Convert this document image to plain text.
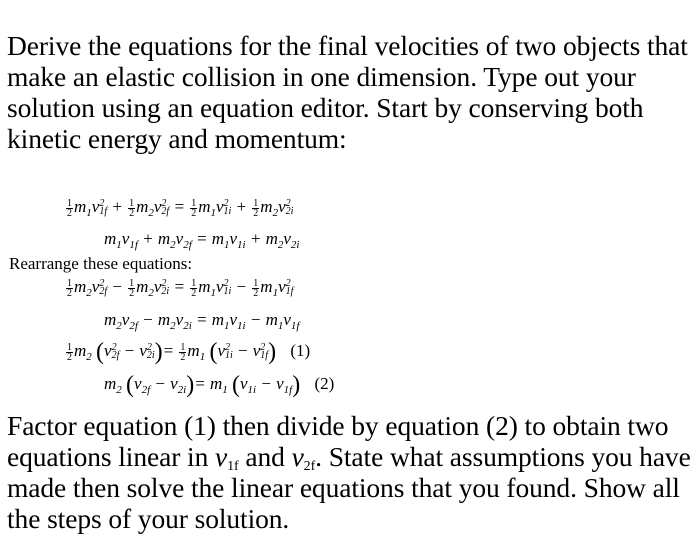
Derive the equations for the final velocities of two objects that make an elastic collision in one dimension. Type out your solution using an equation editor. Start by conserving both kinetic energy and momentum:
$\frac{1}{2} m_1v$ 2
$1f + \frac{1}{2} m_2v$ 2
$2f = \frac{1}{2} m_1v$ 2
$1i + \frac{1}{2} m_2v$ 2
2i
$m_1v_{1f} + m_2v_{2f} = m_1v_{1i} + m_2v_{2i}$
Rearrange these equations:
$\frac{1}{2} m_2v$ 2
$2f - \frac{1}{2} m_2v$ 2
$2i = \frac{1}{2} m_1v$ 2
$1i - \frac{1}{2} m_1v$ 2
1f
$m_2v_{2f} - m_2v_{2i} = m_1v_{1i} - m_1v_{1f}$
$\frac{1}{2} m_2$ (v 2
2f − v 2
2i )= $\frac{1}{2} m_1$ (v 2
1i − v 2
1f ) (1)
$m_2$ $(v_{2f} - v_{2i})= m_1$ $(v_{1i} - v_{1f})$ (2)
Factor equation (1) then divide by equation (2) to obtain two equations linear in $v_{1f}$ and $v_{2f}$. State what assumptions you have made then solve the linear equations that you found. Show all the steps of your solution.
